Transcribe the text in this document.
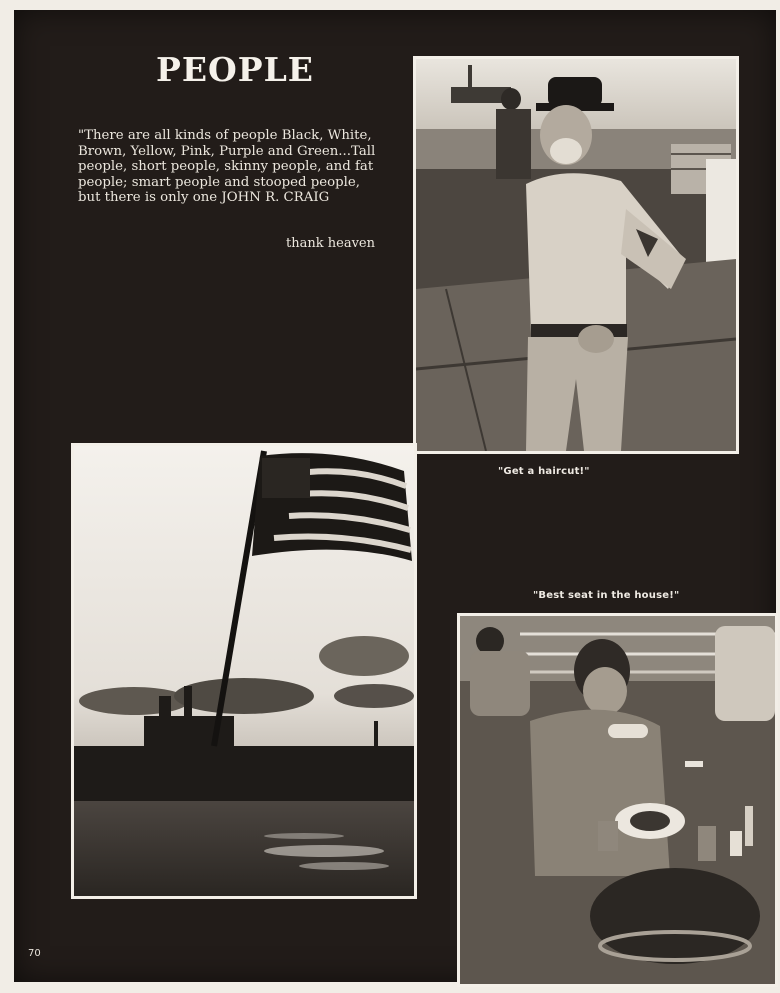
PEOPLE
"There are all kinds of people Black, White, Brown, Yellow, Pink, Purple and Green...Tall people, short people, skinny people, and fat people; smart people and stooped people, but there is only one JOHN R. CRAIG
thank heaven
"Get a haircut!"
"Best seat in the house!"
70
